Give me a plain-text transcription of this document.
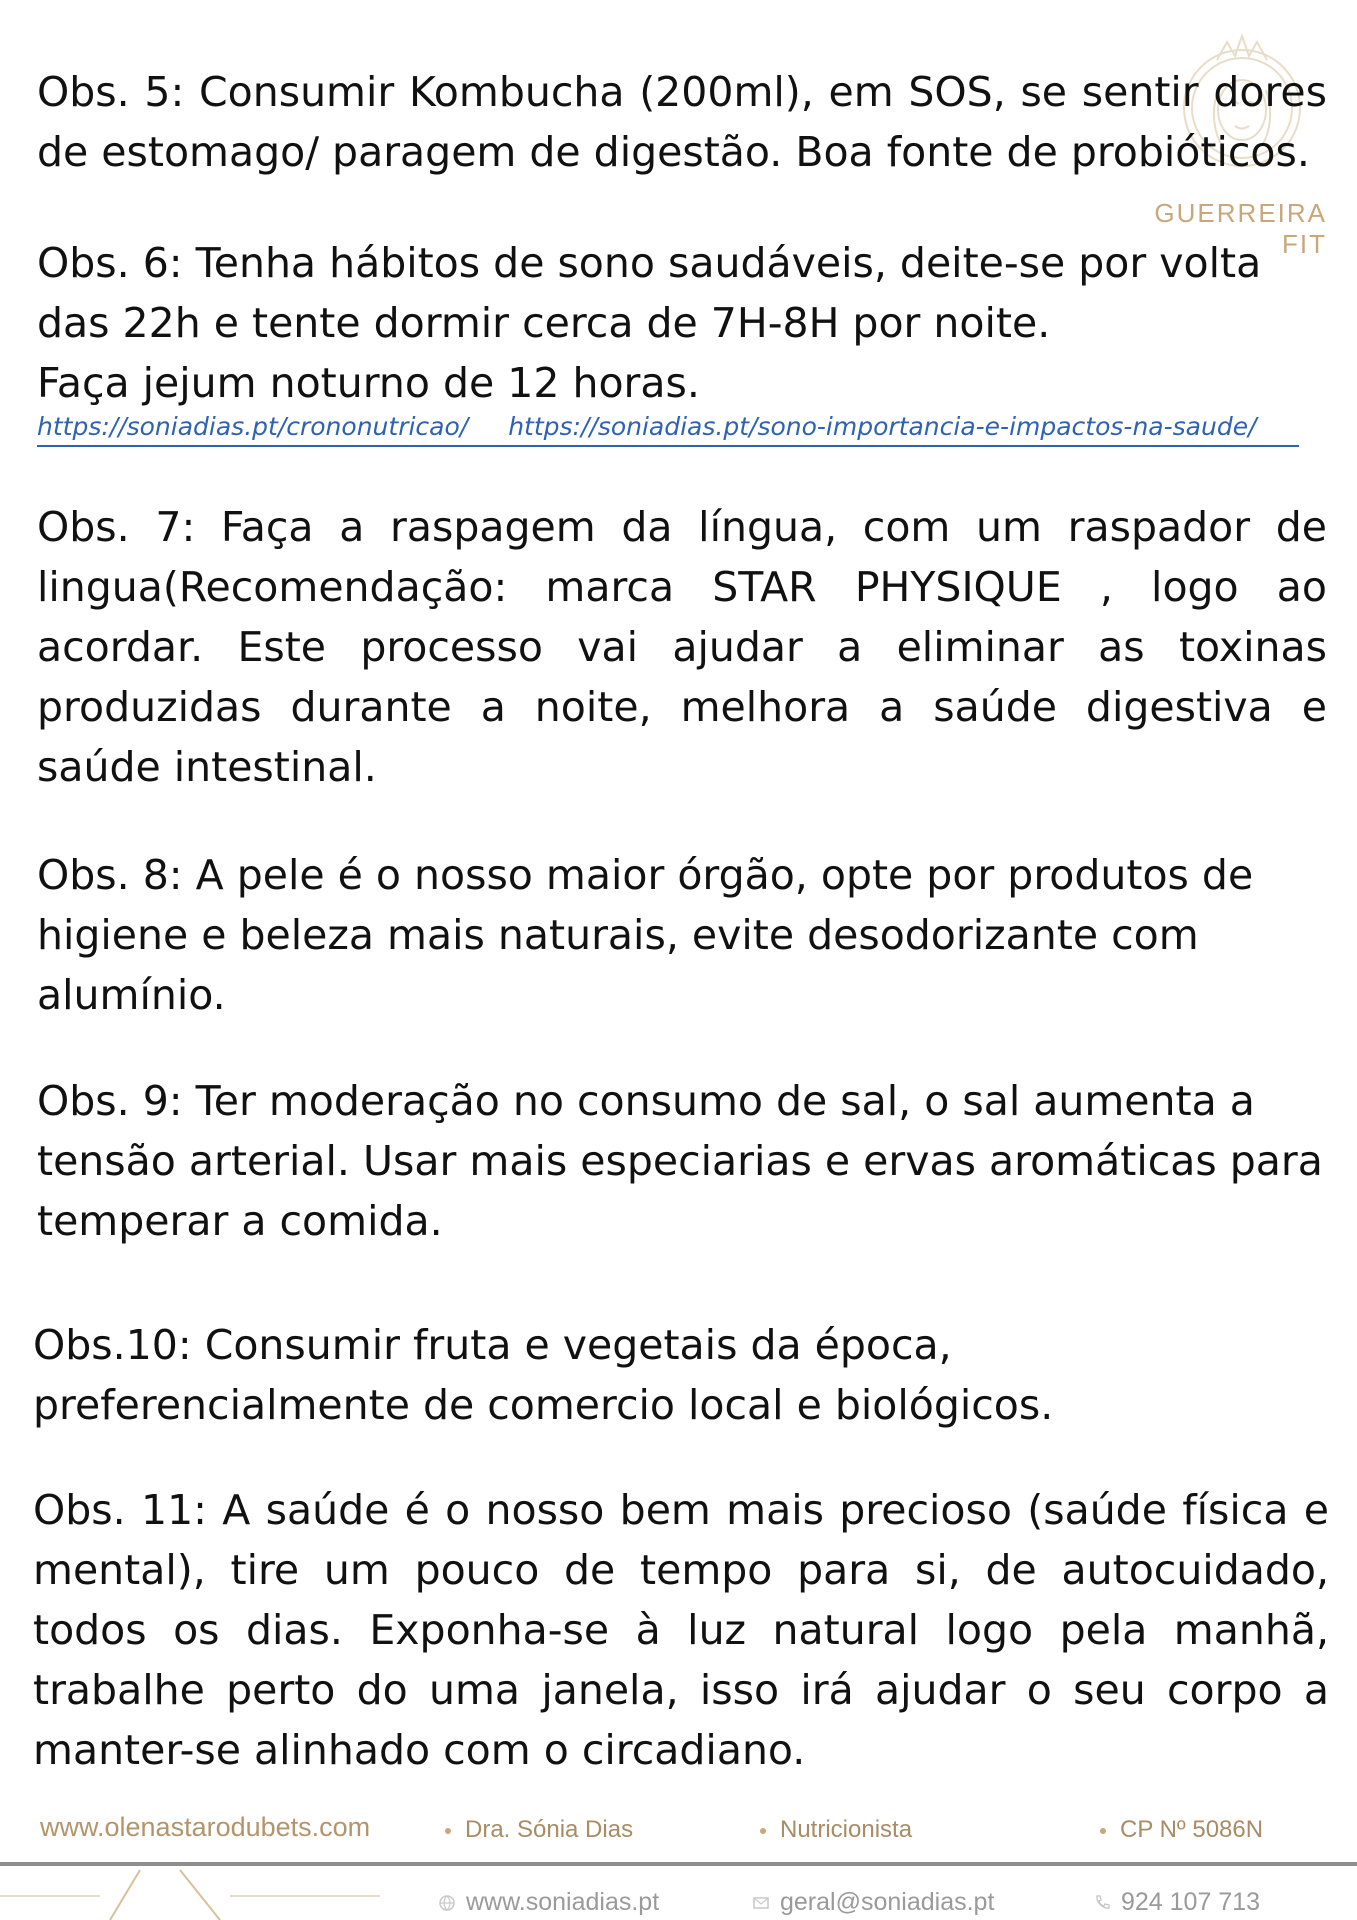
GUERREIRA FIT

Obs. 5: Consumir Kombucha (200ml), em SOS, se sentir dores de estomago/ paragem de digestão. Boa fonte de probióticos.

Obs. 6: Tenha hábitos de sono saudáveis, deite-se por volta das 22h e tente dormir cerca de 7H-8H por noite.

Faça jejum noturno de 12 horas.

https://soniadias.pt/crononutricao/ https://soniadias.pt/sono-importancia-e-impactos-na-saude/

Obs. 7: Faça a raspagem da língua, com um raspador de lingua(Recomendação: marca STAR PHYSIQUE , logo ao acordar. Este processo vai ajudar a eliminar as toxinas produzidas durante a noite, melhora a saúde digestiva e saúde intestinal.

Obs. 8: A pele é o nosso maior órgão, opte por produtos de higiene e beleza mais naturais, evite desodorizante com alumínio.

Obs. 9: Ter moderação no consumo de sal, o sal aumenta a tensão arterial. Usar mais especiarias e ervas aromáticas para temperar a comida.

Obs.10: Consumir fruta e vegetais da época,

preferencialmente de comercio local e biológicos.

Obs. 11: A saúde é o nosso bem mais precioso (saúde física e mental), tire um pouco de tempo para si, de autocuidado, todos os dias. Exponha-se à luz natural logo pela manhã, trabalhe perto do uma janela, isso irá ajudar o seu corpo a manter-se alinhado com o circadiano.

www.olenastarodubets.com	Dra. Sónia Dias	Nutricionista	CP Nº 5086N
www.soniadias.pt	geral@soniadias.pt	924 107 713
